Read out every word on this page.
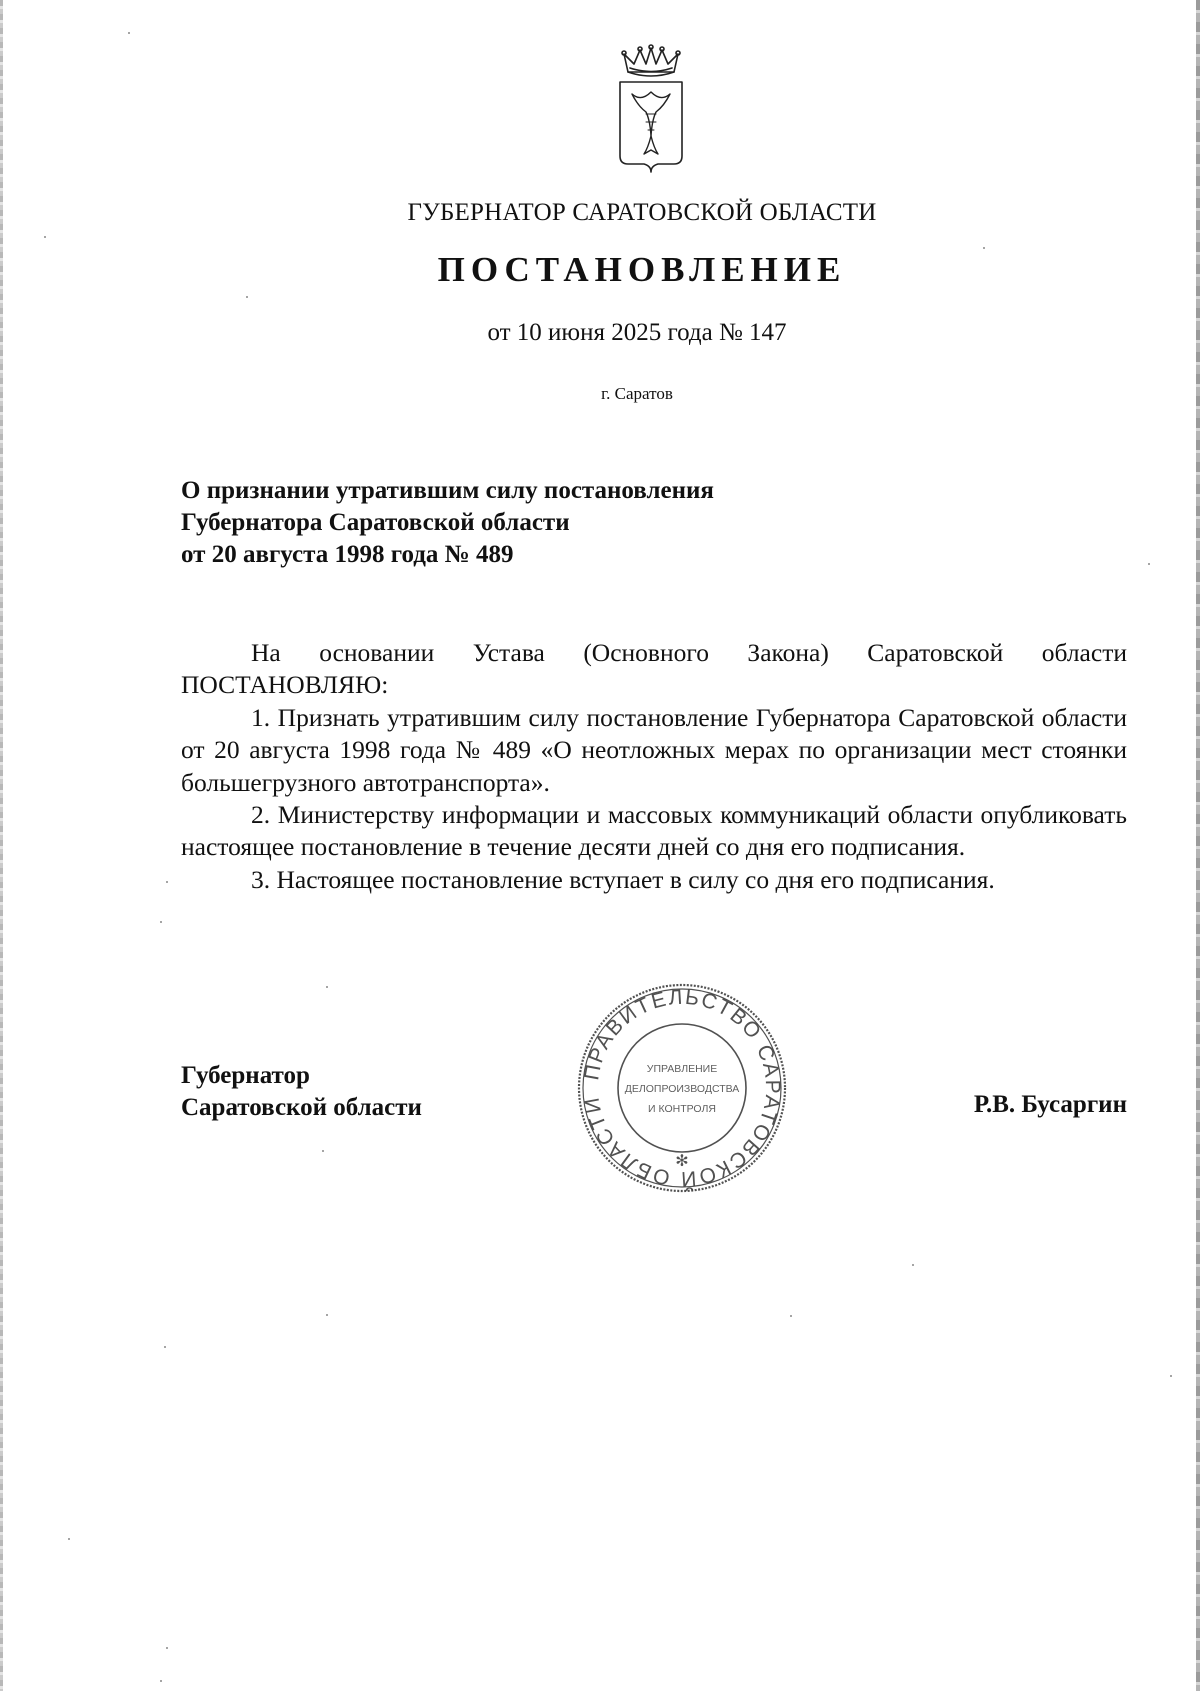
ГУБЕРНАТОР САРАТОВСКОЙ ОБЛАСТИ
ПОСТАНОВЛЕНИЕ
от 10 июня 2025 года № 147
г. Саратов
О признании утратившим силу постановления
Губернатора Саратовской области
от 20 августа 1998 года № 489

На основании Устава (Основного Закона) Саратовской области

ПОСТАНОВЛЯЮ:

1. Признать утратившим силу постановление Губернатора Саратовской области от 20 августа 1998 года № 489 «О неотложных мерах по организации мест стоянки большегрузного автотранспорта».

2. Министерству информации и массовых коммуникаций области опубликовать настоящее постановление в течение десяти дней со дня его подписания.

3. Настоящее постановление вступает в силу со дня его подписания.

Губернатор
Саратовской области	Р.В. Бусаргин
ПРАВИТЕЛЬСТВО САРАТОВСКОЙ ОБЛАСТИ
✻
УПРАВЛЕНИЕ
ДЕЛОПРОИЗВОДСТВА
И КОНТРОЛЯ
